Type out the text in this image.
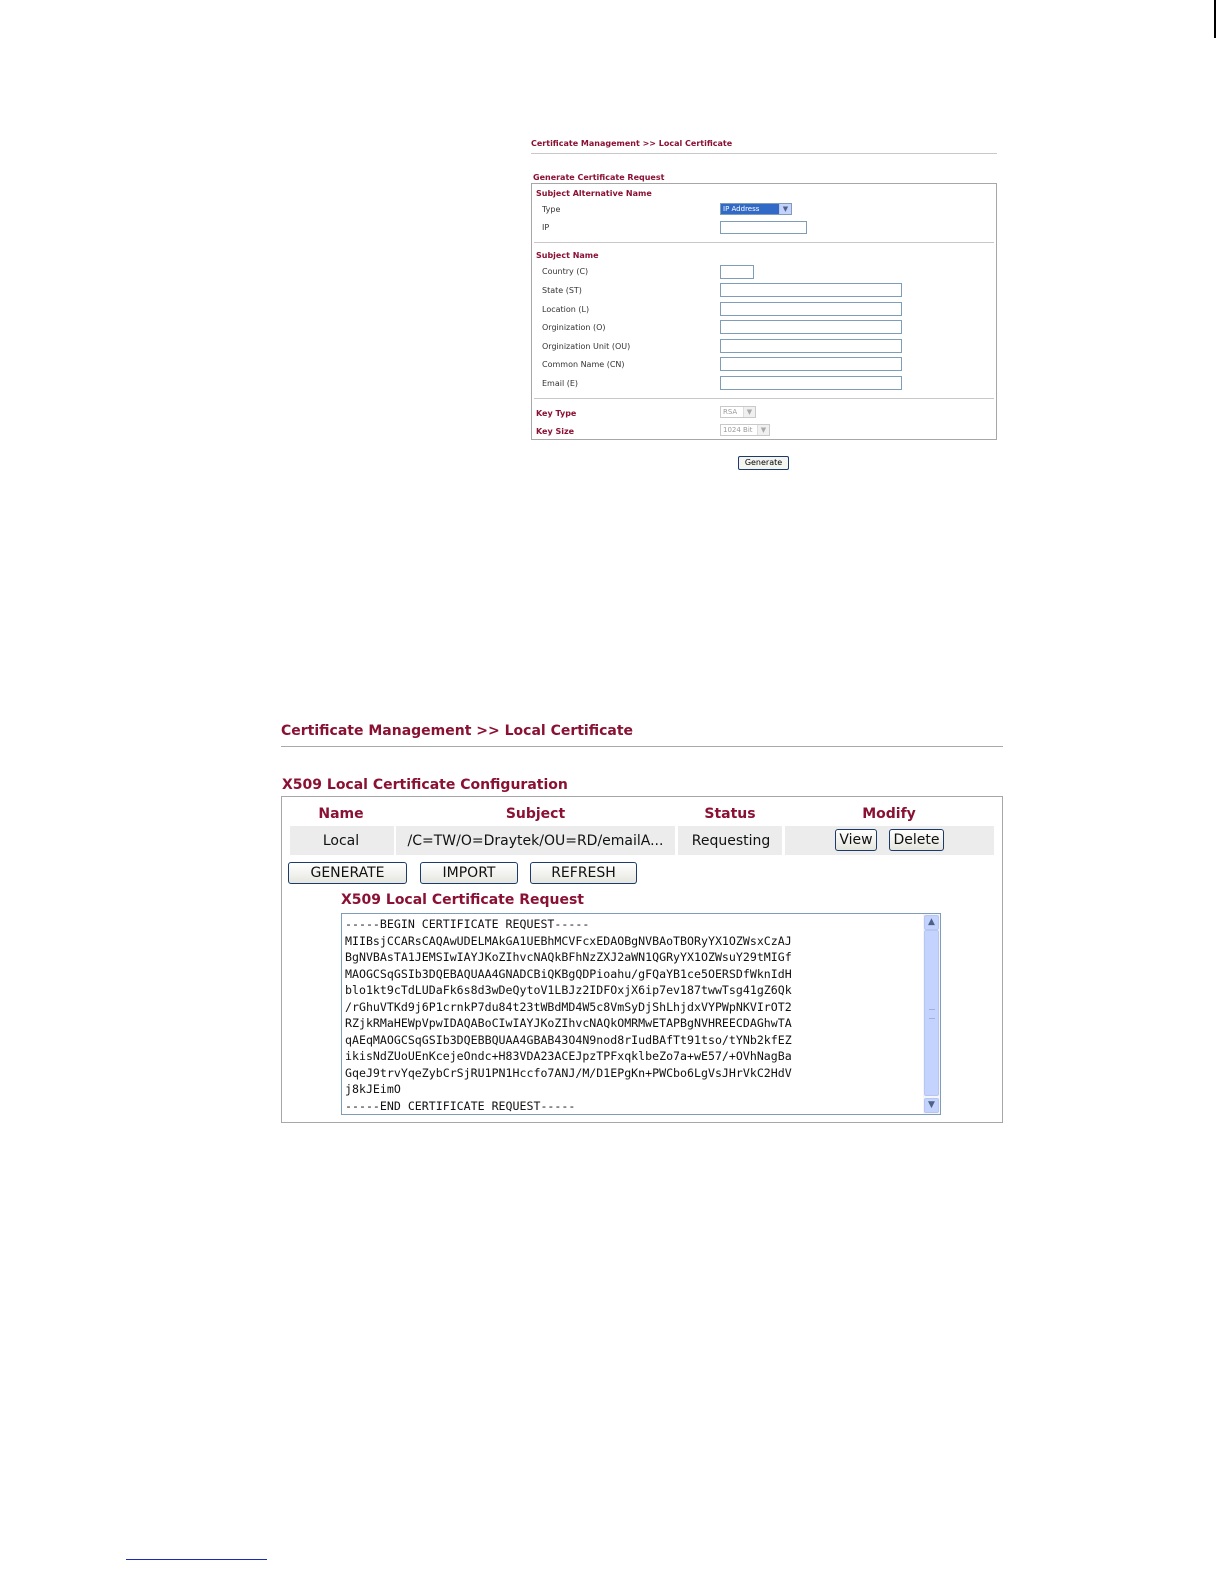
Certificate Management >> Local Certificate
Generate Certificate Request
Subject Alternative Name
Type	IP Address	▼
IP
Subject Name
Country (C)
State (ST)
Location (L)
Orginization (O)
Orginization Unit (OU)
Common Name (CN)
Email (E)
Key Type	RSA	▼
Key Size	1024 Bit	▼
Generate
Certificate Management >> Local Certificate
X509 Local Certificate Configuration
Name	Subject	Status	Modify
Local	/C=TW/O=Draytek/OU=RD/emailA...	Requesting	View	Delete
GENERATE	IMPORT	REFRESH
X509 Local Certificate Request
-----BEGIN CERTIFICATE REQUEST-----
MIIBsjCCARsCAQAwUDELMAkGA1UEBhMCVFcxEDAOBgNVBAoTBORyYX1OZWsxCzAJ
BgNVBAsTA1JEMSIwIAYJKoZIhvcNAQkBFhNzZXJ2aWN1QGRyYX1OZWsuY29tMIGf
MAOGCSqGSIb3DQEBAQUAA4GNADCBiQKBgQDPioahu/gFQaYB1ce5OERSDfWknIdH
blo1kt9cTdLUDaFk6s8d3wDeQytoV1LBJz2IDFOxjX6ip7ev187twwTsg41gZ6Qk
/rGhuVTKd9j6P1crnkP7du84t23tWBdMD4W5c8VmSyDjShLhjdxVYPWpNKVIrOT2
RZjkRMaHEWpVpwIDAQABoCIwIAYJKoZIhvcNAQkOMRMwETAPBgNVHREECDAGhwTA
qAEqMAOGCSqGSIb3DQEBBQUAA4GBAB43O4N9nod8rIudBAfTt91tso/tYNb2kfEZ
ikisNdZUoUEnKcejeOndc+H83VDA23ACEJpzTPFxqklbeZo7a+wE57/+OVhNagBa
GqeJ9trvYqeZybCrSjRU1PN1Hccfo7ANJ/M/D1EPgKn+PWCbo6LgVsJHrVkC2HdV
j8kJEimO
-----END CERTIFICATE REQUEST-----
▲
▼
